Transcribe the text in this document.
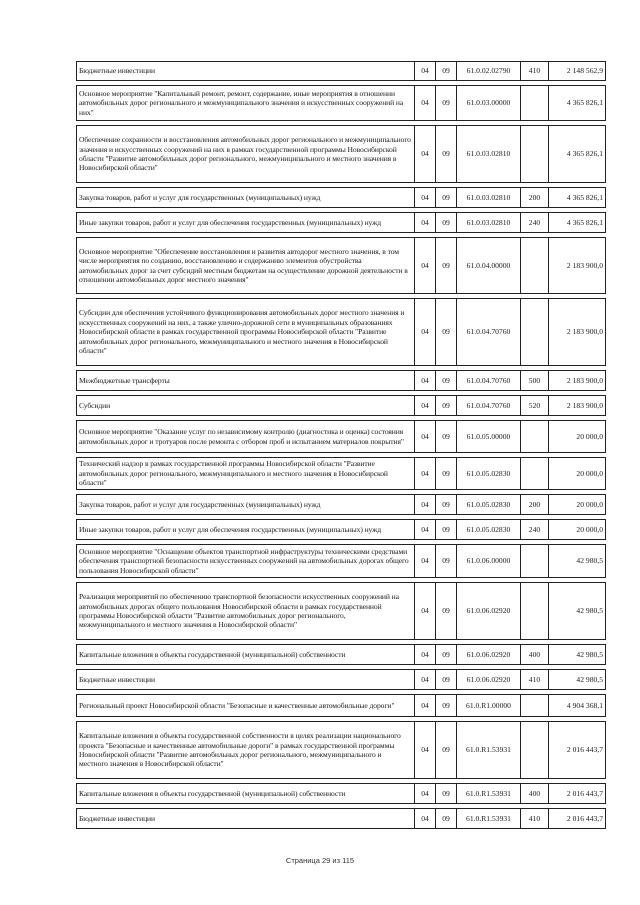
Бюджетные инвестиции	04	09	61.0.02.02790	410	2 148 562,9

Основное мероприятие "Капитальный ремонт, ремонт, содержание, иные мероприятия в отношении автомобильных дорог регионального и межмуниципального значения и искусственных сооружений на них"	04	09	61.0.03.00000		4 365 826,1

Обеспечение сохранности и восстановления автомобильных дорог регионального и межмуниципального значения и искусственных сооружений на них в рамках государственной программы Новосибирской области "Развитие автомобильных дорог регионального, межмуниципального и местного значения в Новосибирской области"	04	09	61.0.03.02810		4 365 826,1

Закупка товаров, работ и услуг для государственных (муниципальных) нужд	04	09	61.0.03.02810	200	4 365 826,1

Иные закупки товаров, работ и услуг для обеспечения государственных (муниципальных) нужд	04	09	61.0.03.02810	240	4 365 826,1

Основное мероприятие "Обеспечение восстановления и развития автодорог местного значения, в том числе мероприятия по созданию, восстановлению и содержанию элементов обустройства автомобильных дорог за счет субсидий местным бюджетам на осуществление дорожной деятельности в отношении автомобильных дорог местного значения"	04	09	61.0.04.00000		2 183 900,0

Субсидии для обеспечения устойчивого функционирования автомобильных дорог местного значения и искусственных сооружений на них, а также улично-дорожной сети в муниципальных образованиях Новосибирской области в рамках государственной программы Новосибирской области "Развитие автомобильных дорог регионального, межмуниципального и местного значения в Новосибирской области"	04	09	61.0.04.70760		2 183 900,0

Межбюджетные трансферты	04	09	61.0.04.70760	500	2 183 900,0

Субсидии	04	09	61.0.04.70760	520	2 183 900,0

Основное мероприятие "Оказание услуг по независимому контролю (диагностика и оценка) состояния автомобильных дорог и тротуаров после ремонта с отбором проб и испытанием материалов покрытия"	04	09	61.0.05.00000		20 000,0

Технический надзор в рамках государственной программы Новосибирской области "Развитие автомобильных дорог регионального, межмуниципального и местного значения в Новосибирской области"	04	09	61.0.05.02830		20 000,0

Закупка товаров, работ и услуг для государственных (муниципальных) нужд	04	09	61.0.05.02830	200	20 000,0

Иные закупки товаров, работ и услуг для обеспечения государственных (муниципальных) нужд	04	09	61.0.05.02830	240	20 000,0

Основное мероприятие "Оснащение объектов транспортной инфраструктуры техническими средствами обеспечения транспортной безопасности искусственных сооружений на автомобильных дорогах общего пользования Новосибирской области"	04	09	61.0.06.00000		42 980,5

Реализация мероприятий по обеспечению транспортной безопасности искусственных сооружений на автомобильных дорогах общего пользования Новосибирской области в рамках государственной программы Новосибирской области "Развитие автомобильных дорог регионального, межмуниципального и местного значения в Новосибирской области"	04	09	61.0.06.02920		42 980,5

Капитальные вложения в объекты государственной (муниципальной) собственности	04	09	61.0.06.02920	400	42 980,5

Бюджетные инвестиции	04	09	61.0.06.02920	410	42 980,5

Региональный проект Новосибирской области "Безопасные и качественные автомобильные дороги"	04	09	61.0.R1.00000		4 904 368,1

Капитальные вложения в объекты государственной собственности в целях реализации национального проекта "Безопасные и качественные автомобильные дороги" в рамках государственной программы Новосибирской области "Развитие автомобильных дорог регионального, межмуниципального и местного значения в Новосибирской области"	04	09	61.0.R1.53931		2 016 443,7

Капитальные вложения в объекты государственной (муниципальной) собственности	04	09	61.0.R1.53931	400	2 016 443,7

Бюджетные инвестиции	04	09	61.0.R1.53931	410	2 016 443,7
Страница 29 из 115
